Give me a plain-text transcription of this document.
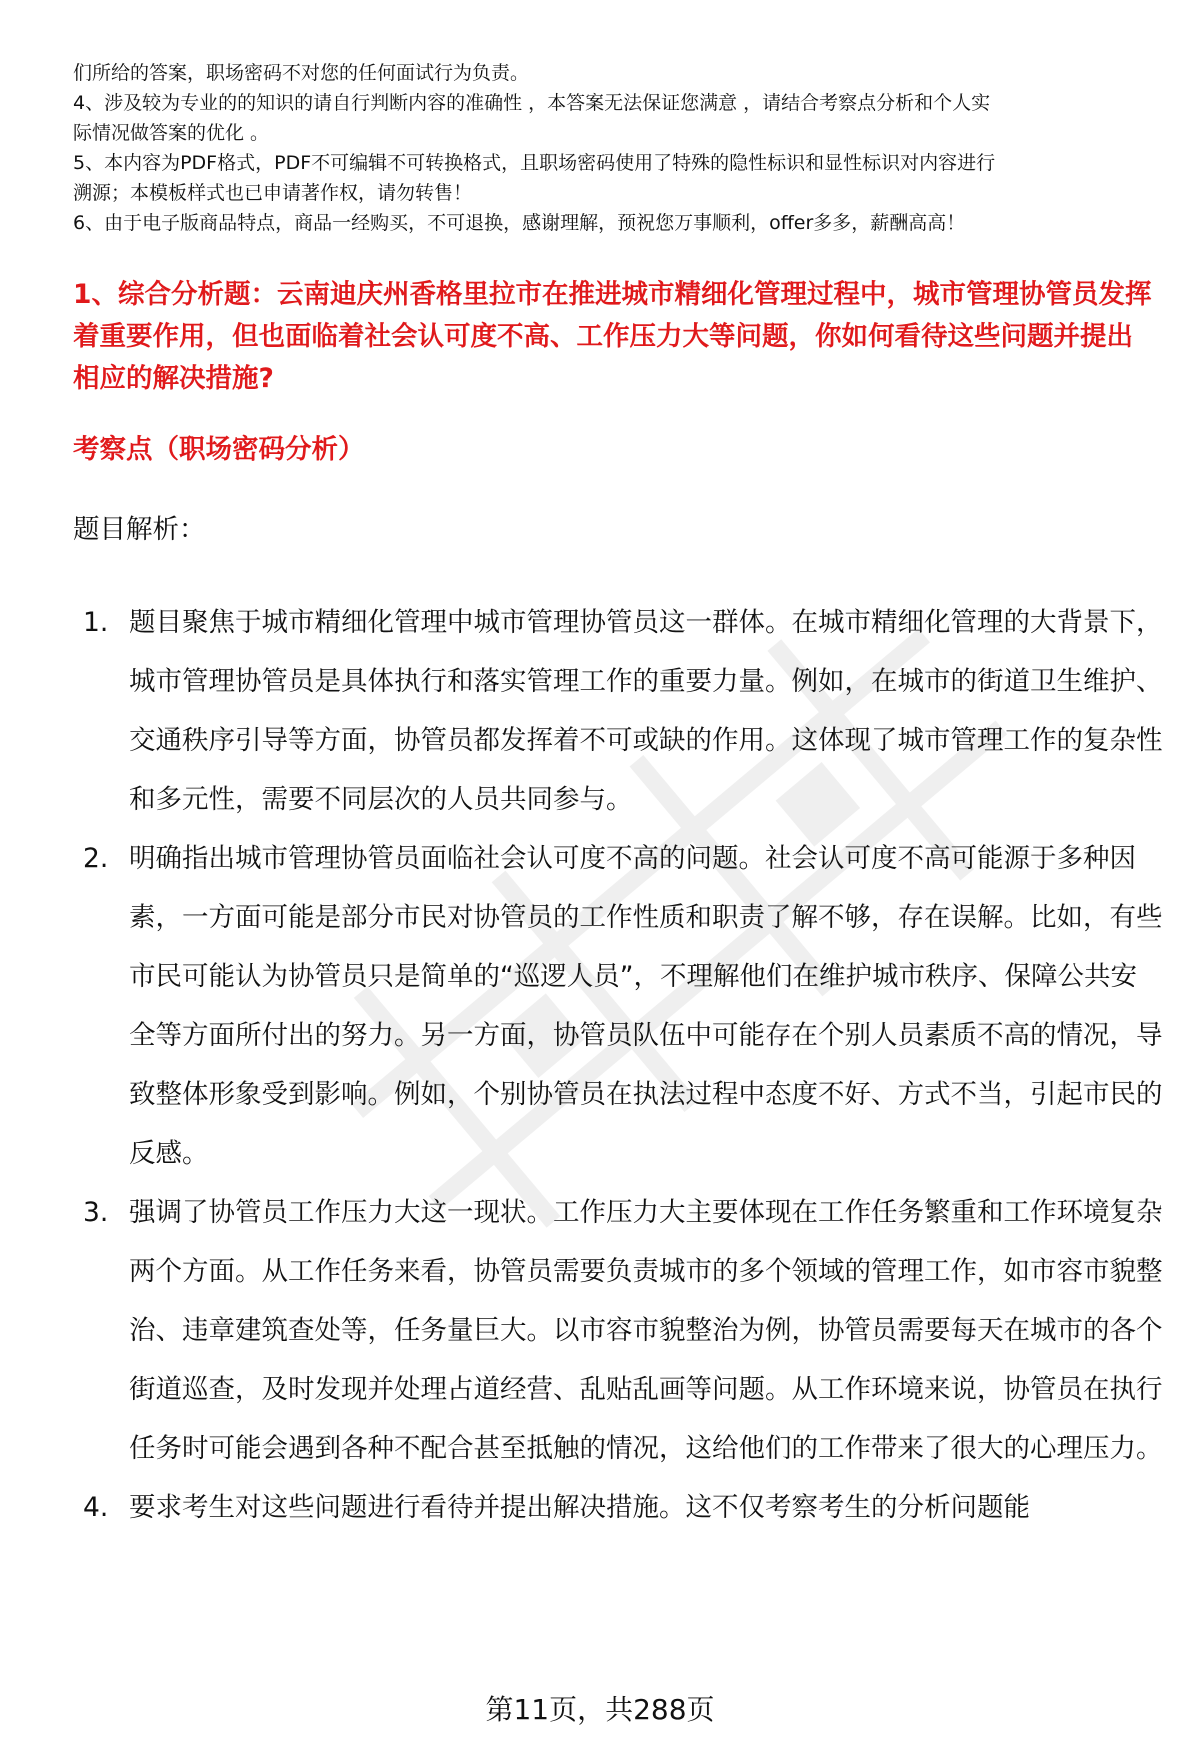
们所给的答案，职场密码不对您的任何面试行为负责。

4、涉及较为专业的的知识的请自行判断内容的准确性 ，本答案无法保证您满意 ，请结合考察点分析和个人实

际情况做答案的优化 。

5、本内容为PDF格式，PDF不可编辑不可转换格式，且职场密码使用了特殊的隐性标识和显性标识对内容进行

溯源；本模板样式也已申请著作权，请勿转售！

6、由于电子版商品特点，商品一经购买，不可退换，感谢理解，预祝您万事顺利，offer多多，薪酬高高！

1、综合分析题：云南迪庆州香格里拉市在推进城市精细化管理过程中，城市管理协管员发挥着重要作用，但也面临着社会认可度不高、工作压力大等问题，你如何看待这些问题并提出相应的解决措施?

考察点（职场密码分析）

题目解析：

1. 题目聚焦于城市精细化管理中城市管理协管员这一群体。在城市精细化管理的大背景下，城市管理协管员是具体执行和落实管理工作的重要力量。例如，在城市的街道卫生维护、交通秩序引导等方面，协管员都发挥着不可或缺的作用。这体现了城市管理工作的复杂性和多元性，需要不同层次的人员共同参与。
2. 明确指出城市管理协管员面临社会认可度不高的问题。社会认可度不高可能源于多种因素，一方面可能是部分市民对协管员的工作性质和职责了解不够，存在误解。比如，有些市民可能认为协管员只是简单的“巡逻人员”，不理解他们在维护城市秩序、保障公共安全等方面所付出的努力。另一方面，协管员队伍中可能存在个别人员素质不高的情况，导致整体形象受到影响。例如，个别协管员在执法过程中态度不好、方式不当，引起市民的反感。
3. 强调了协管员工作压力大这一现状。工作压力大主要体现在工作任务繁重和工作环境复杂两个方面。从工作任务来看，协管员需要负责城市的多个领域的管理工作，如市容市貌整治、违章建筑查处等，任务量巨大。以市容市貌整治为例，协管员需要每天在城市的各个街道巡查，及时发现并处理占道经营、乱贴乱画等问题。从工作环境来说，协管员在执行任务时可能会遇到各种不配合甚至抵触的情况，这给他们的工作带来了很大的心理压力。
4. 要求考生对这些问题进行看待并提出解决措施。这不仅考察考生的分析问题能
第11页，共288页
